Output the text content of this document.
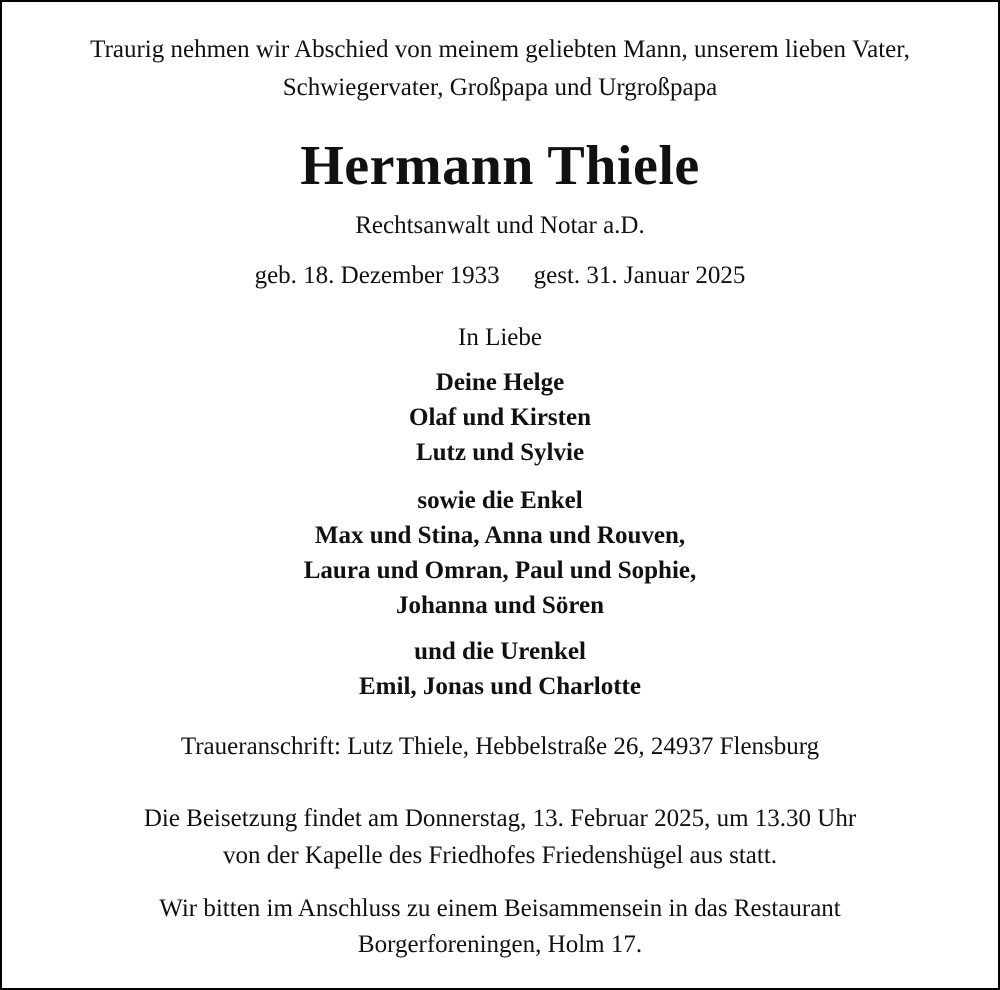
Traurig nehmen wir Abschied von meinem geliebten Mann, unserem lieben Vater,
Schwiegervater, Großpapa und Urgroßpapa
Hermann Thiele
Rechtsanwalt und Notar a.D.
geb. 18. Dezember 1933 gest. 31. Januar 2025
In Liebe
Deine Helge
Olaf und Kirsten
Lutz und Sylvie
sowie die Enkel
Max und Stina, Anna und Rouven,
Laura und Omran, Paul und Sophie,
Johanna und Sören
und die Urenkel
Emil, Jonas und Charlotte
Traueranschrift: Lutz Thiele, Hebbelstraße 26, 24937 Flensburg
Die Beisetzung findet am Donnerstag, 13. Februar 2025, um 13.30 Uhr
von der Kapelle des Friedhofes Friedenshügel aus statt.
Wir bitten im Anschluss zu einem Beisammensein in das Restaurant
Borgerforeningen, Holm 17.
